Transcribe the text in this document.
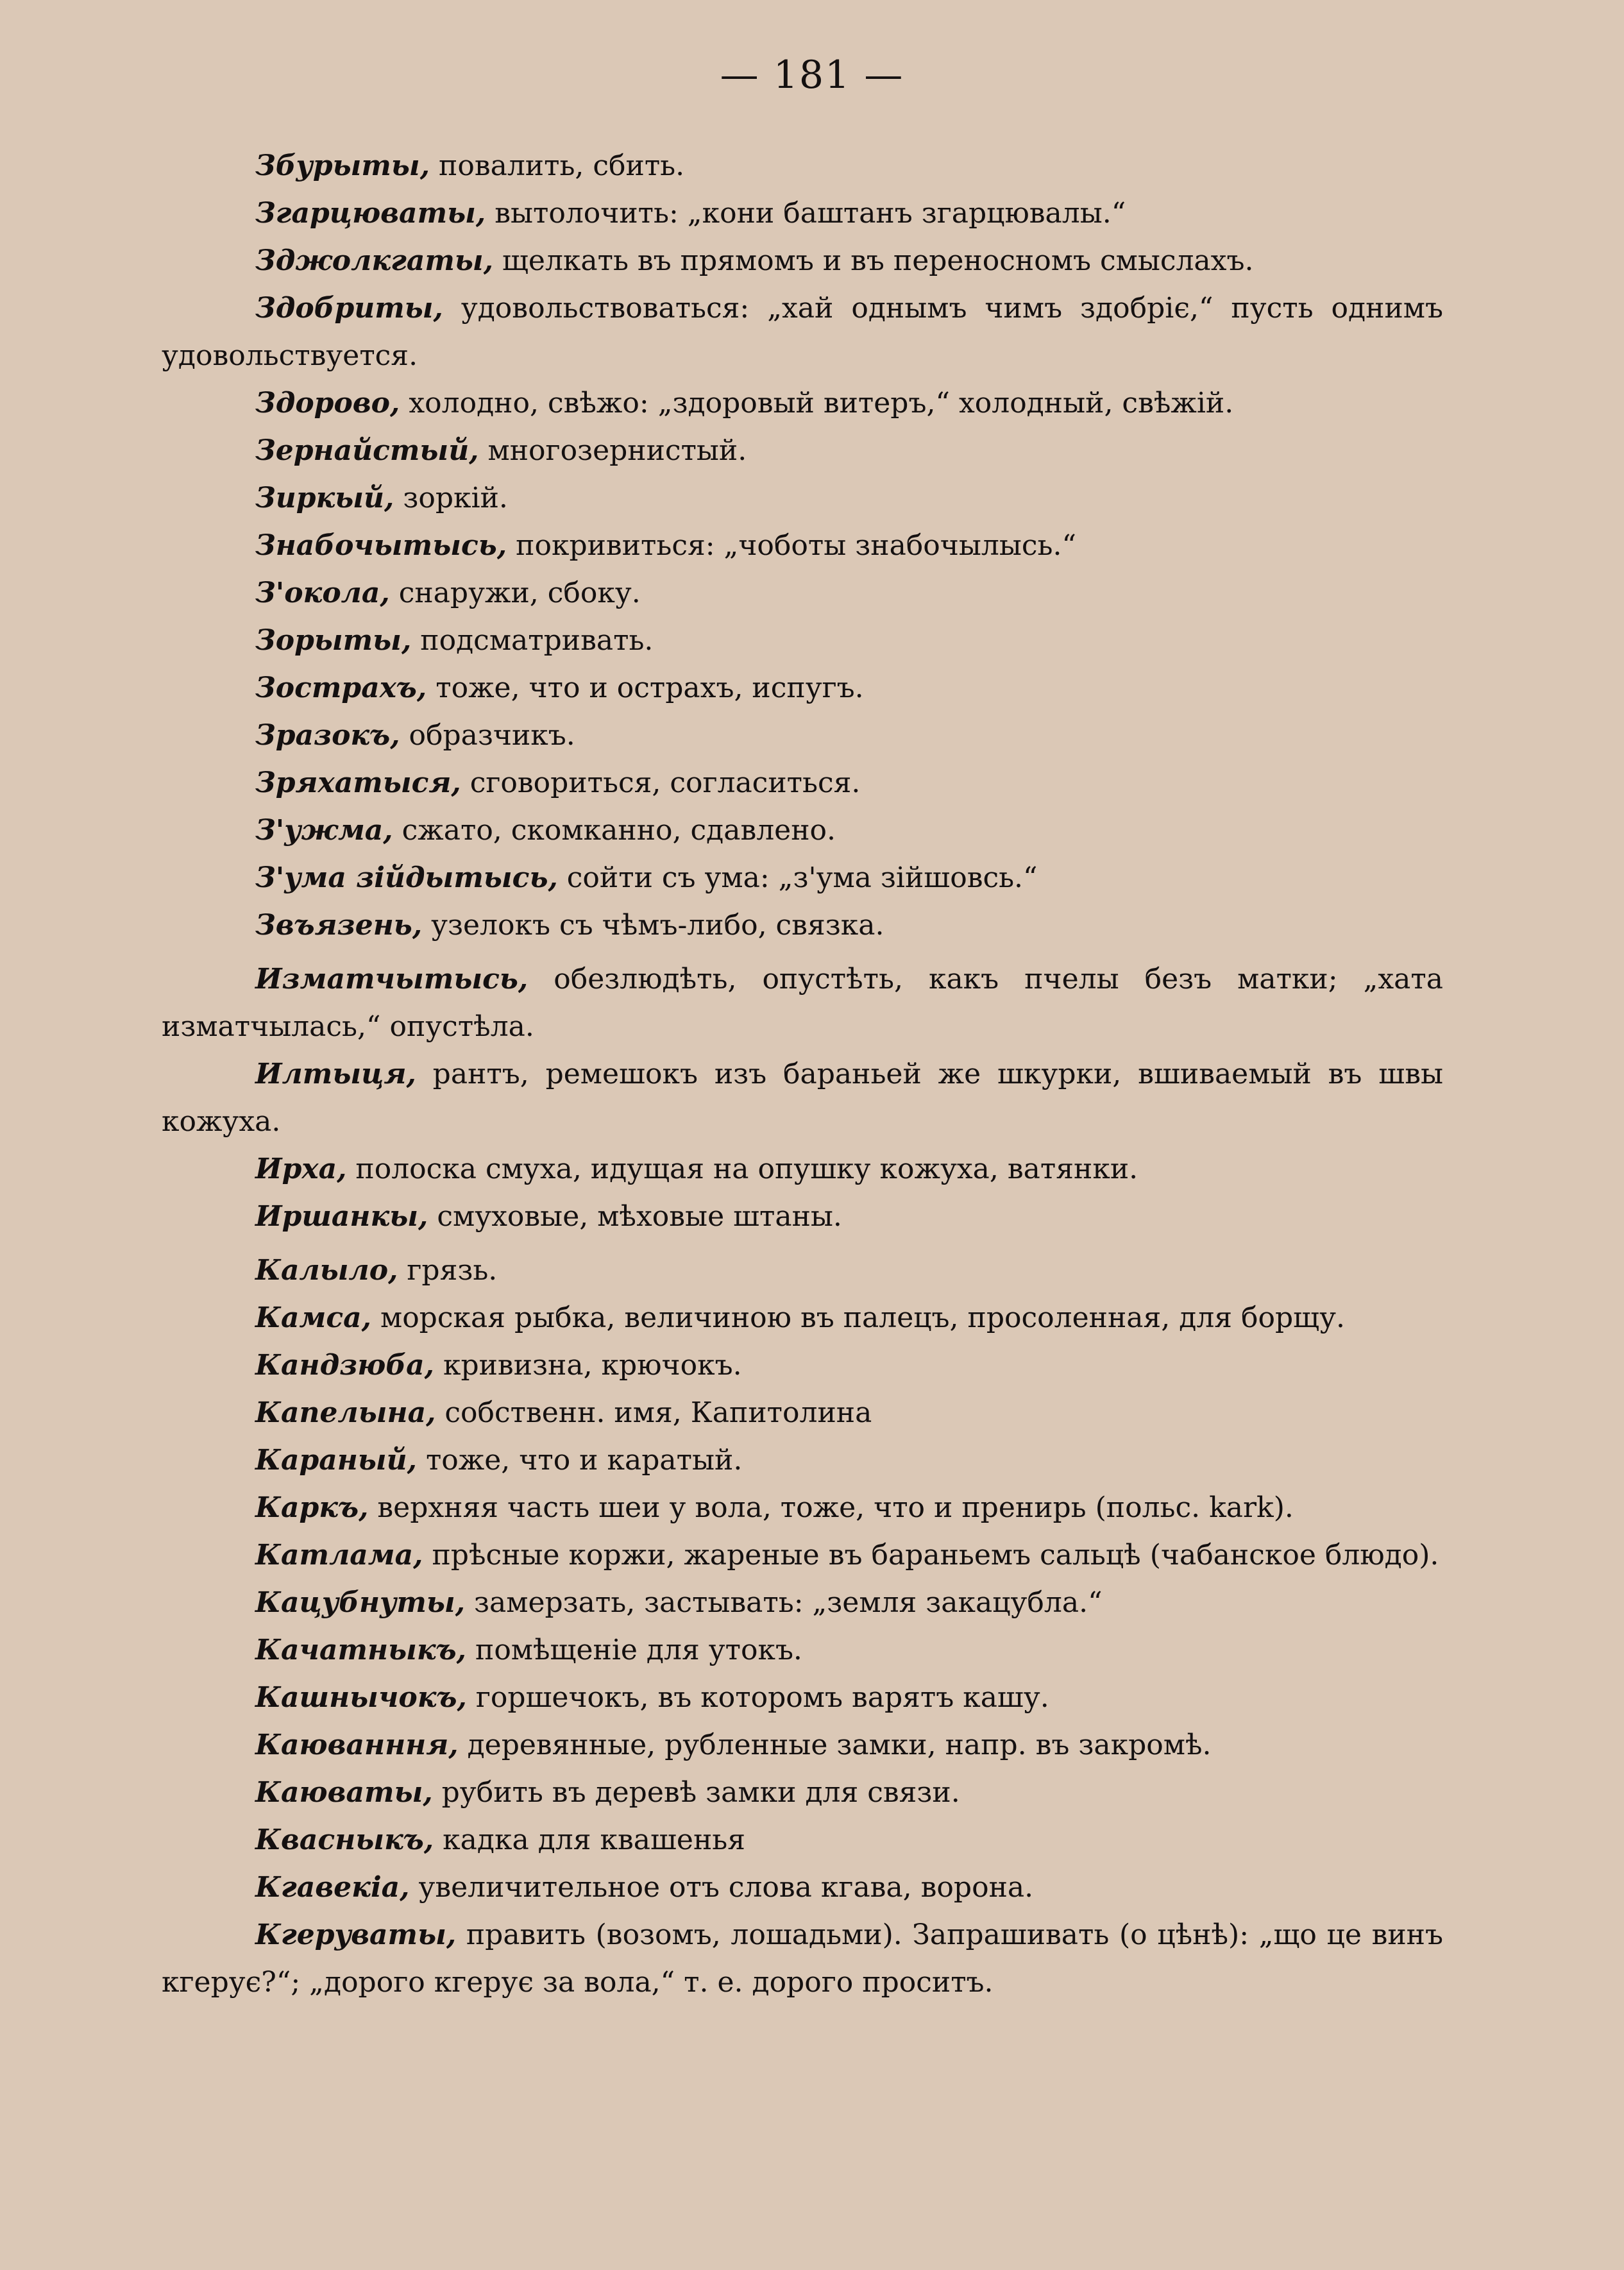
— 181 —

Збурыты, повалить, сбить.

Згарцюваты, вытолочить: „кони баштанъ згарцювалы.“

Зджолкгаты, щелкать въ прямомъ и въ переносномъ смыслахъ.

Здобриты, удовольствоваться: „хай однымъ чимъ здобріє,“ пусть однимъ удовольствуется.

Здорово, холодно, свѣжо: „здоровый витеръ,“ холодный, свѣжій.

Зернайстый, многозернистый.

Зиркый, зоркій.

Знабочытысь, покривиться: „чоботы знабочылысь.“

З'окола, снаружи, сбоку.

Зорыты, подсматривать.

Зострахъ, тоже, что и острахъ, испугъ.

Зразокъ, образчикъ.

Зряхатыся, сговориться, согласиться.

З'ужма, сжато, скомканно, сдавлено.

З'ума зійдытысь, сойти съ ума: „з'ума зійшовсь.“

Звъязень, узелокъ съ чѣмъ-либо, связка.

Изматчытысь, обезлюдѣть, опустѣть, какъ пчелы безъ матки; „хата изматчылась,“ опустѣла.

Илтыця, рантъ, ремешокъ изъ бараньей же шкурки, вшиваемый въ швы кожуха.

Ирха, полоска смуха, идущая на опушку кожуха, ватянки.

Иршанкы, смуховые, мѣховые штаны.

Калыло, грязь.

Камса, морская рыбка, величиною въ палецъ, просоленная, для борщу.

Кандзюба, кривизна, крючокъ.

Капелына, собственн. имя, Капитолина

Караный, тоже, что и каратый.

Каркъ, верхняя часть шеи у вола, тоже, что и пренирь (польс. kark).

Катлама, прѣсные коржи, жареные въ бараньемъ сальцѣ (чабанское блюдо).

Кацубнуты, замерзать, застывать: „земля закацубла.“

Качатныкъ, помѣщеніе для утокъ.

Кашнычокъ, горшечокъ, въ которомъ варятъ кашу.

Каюванння, деревянные, рубленные замки, напр. въ закромѣ.

Каюваты, рубить въ деревѣ замки для связи.

Квасныкъ, кадка для квашенья

Кгавекіа, увеличительное отъ слова кгава, ворона.

Кгерyваты, править (возомъ, лошадьми). Запрашивать (о цѣнѣ): „що це винъ кгерує?“; „дорого кгерує за вола,“ т. е. дорого проситъ.
